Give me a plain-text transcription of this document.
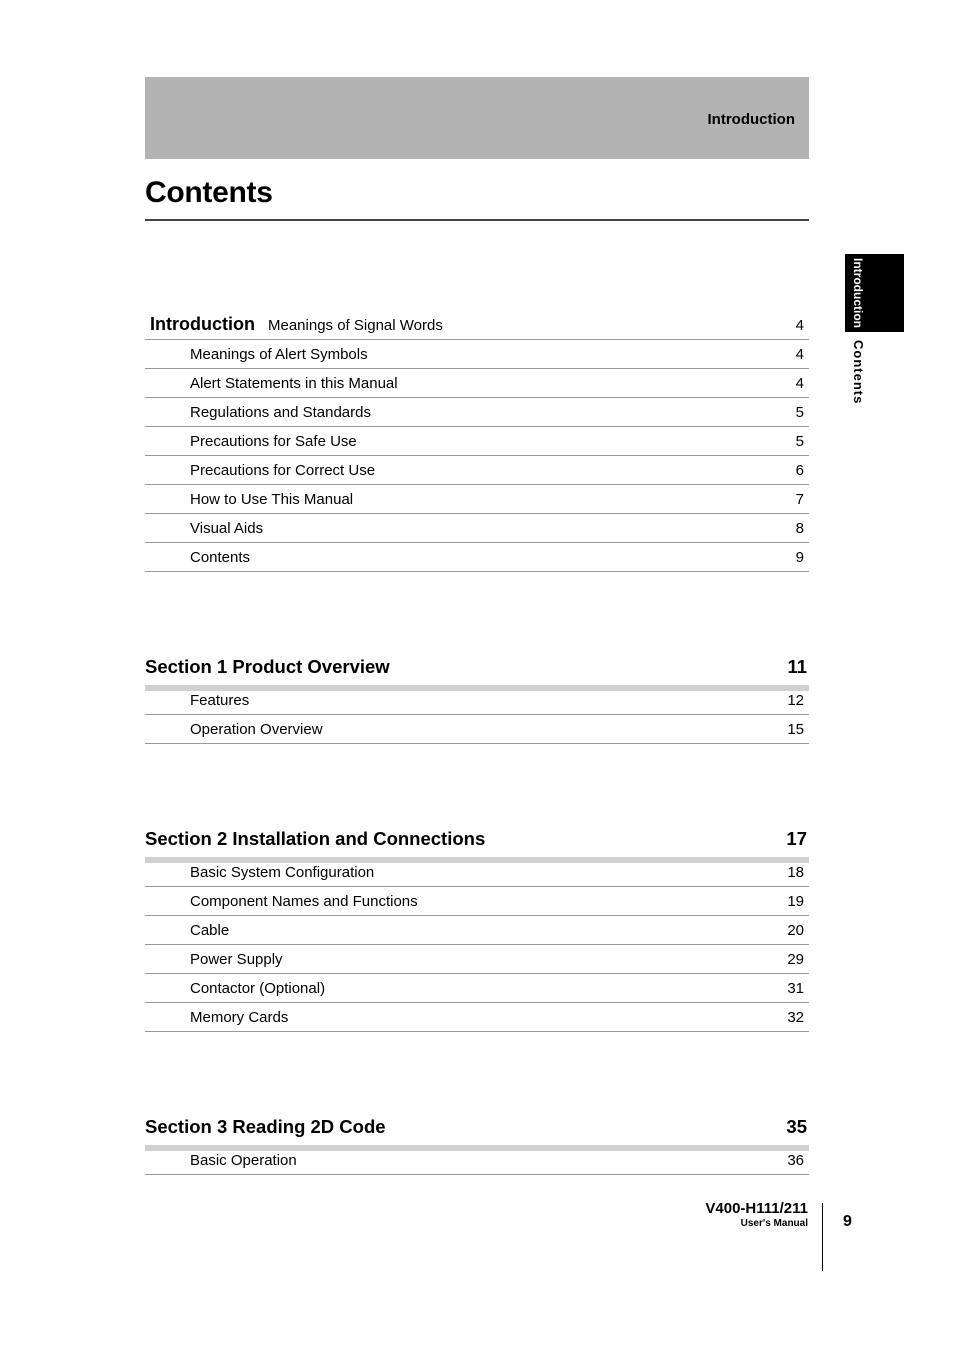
Introduction
Contents
Introduction
Contents
Introduction Meanings of Signal Words	4
Meanings of Alert Symbols	4
Alert Statements in this Manual	4
Regulations and Standards	5
Precautions for Safe Use	5
Precautions for Correct Use	6
How to Use This Manual	7
Visual Aids	8
Contents	9
Section 1 Product Overview	11
Features	12
Operation Overview	15
Section 2 Installation and Connections	17
Basic System Configuration	18
Component Names and Functions	19
Cable	20
Power Supply	29
Contactor (Optional)	31
Memory Cards	32
Section 3 Reading 2D Code	35
Basic Operation	36
V400-H111/211
User's Manual 9
